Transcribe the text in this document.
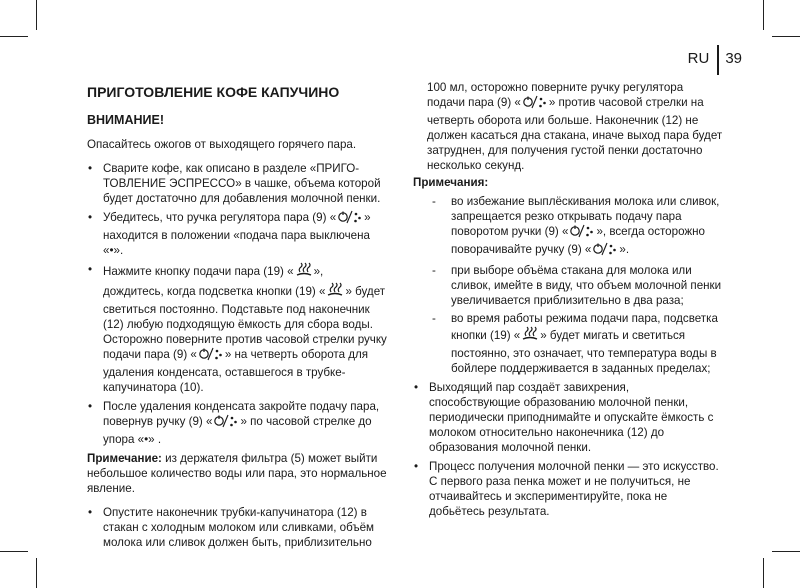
RU	39
ПРИГОТОВЛЕНИЕ КОФЕ КАПУЧИНО
ВНИМАНИЕ!

Опасайтесь ожогов от выходящего горячего пара.

• Сварите кофе, как описано в разделе «ПРИГО-ТОВЛЕНИЕ ЭСПРЕССО» в чашке, объема которой будет достаточно для добавления молочной пенки.
• Убедитесь, что ручка регулятора пара (9) « » находится в положении «подача пара выключена «•».
• Нажмите кнопку подачи пара (19) « », дождитесь, когда подсветка кнопки (19) « » будет светиться постоянно. Подставьте под наконечник (12) любую подходящую ёмкость для сбора воды. Осторожно поверните против часовой стрелки ручку подачи пара (9) « » на четверть оборота для удаления конденсата, оставшегося в трубке-капучинатора (10).
• После удаления конденсата закройте подачу пара, повернув ручку (9) « » по часовой стрелке до упора «•» .

Примечание: из держателя фильтра (5) может выйти небольшое количество воды или пара, это нормальное явление.

• Опустите наконечник трубки-капучинатора (12) в стакан с холодным молоком или сливками, объём молока или сливок должен быть, приблизительно

100 мл, осторожно поверните ручку регулятора подачи пара (9) « » против часовой стрелки на четверть оборота или больше. Наконечник (12) не должен касаться дна стакана, иначе выход пара будет затруднен, для получения густой пенки достаточно несколько секунд.

Примечания:

- во избежание выплёскивания молока или сливок, запрещается резко открывать подачу пара поворотом ручки (9) « », всегда осторожно поворачивайте ручку (9) « ».
- при выборе объёма стакана для молока или сливок, имейте в виду, что объем молочной пенки увеличивается приблизительно в два раза;
- во время работы режима подачи пара, подсветка кнопки (19) « » будет мигать и светиться постоянно, это означает, что температура воды в бойлере поддерживается в заданных пределах;
• Выходящий пар создаёт завихрения, способствующие образованию молочной пенки, периодически приподнимайте и опускайте ёмкость с молоком относительно наконечника (12) до образования молочной пенки.
• Процесс получения молочной пенки — это искусство. С первого раза пенка может и не получиться, не отчаивайтесь и экспериментируйте, пока не добьётесь результата.
